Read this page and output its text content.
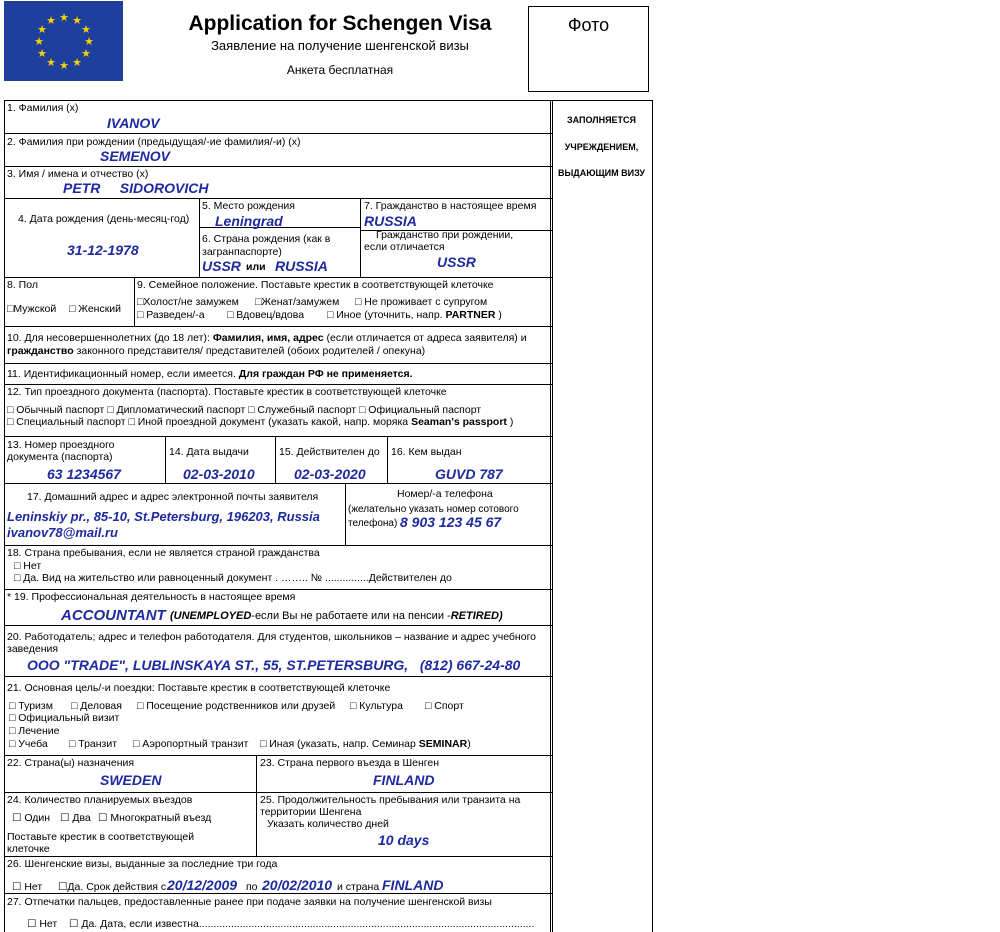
★ ★
★
★
★
★
★
★
★
★
★
★	Application for Schengen Visa
Заявление на получение шенгенской визы
Анкета бесплатная
Фото
ЗАПОЛНЯЕТСЯ
УЧРЕЖДЕНИЕМ,
ВЫДАЮЩИМ ВИЗУ
1. Фамилия (x)
IVANOV
2. Фамилия при рождении (предыдущая/-ие фамилия/-и) (x)
SEMENOV
3. Имя / имена и отчество (x)
PETR     SIDOROVICH
4. Дата рождения (день-месяц-год)
31-12-1978
5. Место рождения
Leningrad
6. Страна рождения (как в
загранпаспорте)
USSR или RUSSIA
7. Гражданство в настоящее время
RUSSIA
Гражданство при рождении,
если отличается
USSR
8. Пол
□Мужской □ Женский
9. Семейное положение. Поставьте крестик в соответствующей клеточке
□Холост/не замужем □Женат/замужем □ Не проживает с супругом
□ Разведен/-а □ Вдовец/вдова □ Иное (уточнить, напр. PARTNER )
10. Для несовершеннолетних (до 18 лет): Фамилия, имя, адрес (если отличается от адреса заявителя) и
гражданство законного представителя/ представителей (обоих родителей / опекуна)
11. Идентификационный номер, если имеется. Для граждан РФ не применяется.
12. Тип проездного документа (паспорта). Поставьте крестик в соответствующей клеточке
□ Обычный паспорт □ Дипломатический паспорт □ Служебный паспорт □ Официальный паспорт
□ Специальный паспорт □ Иной проездной документ (указать какой, напр. моряка Seaman's passport )
13. Номер проездного
документа (паспорта)
63 1234567
14. Дата выдачи
02-03-2010
15. Действителен до
02-03-2020
16. Кем выдан
GUVD 787
17. Домашний адрес и адрес электронной почты заявителя
Leninskiy pr., 85-10, St.Petersburg, 196203, Russia
ivanov78@mail.ru
Номер/-а телефона
(желательно указать номер сотового
телефона) 8 903 123 45 67
18. Страна пребывания, если не является страной гражданства
□ Нет
□ Да. Вид на жительство или равноценный документ . …….. № ...............Действителен до
* 19. Профессиональная деятельность в настоящее время
ACCOUNTANT (UNEMPLOYED-если Вы не работаете или на пенсии -RETIRED)
20. Работодатель; адрес и телефон работодателя. Для студентов, школьников – название и адрес учебного
заведения
OOO "TRADE", LUBLINSKAYA ST., 55, ST.PETERSBURG,   (812) 667-24-80
21. Основная цель/-и поездки: Поставьте крестик в соответствующей клеточке
□ Туризм □ Деловая □ Посещение родственников или друзей □ Культура □ Спорт
□ Официальный визит
□ Лечение
□ Учеба □ Транзит □ Аэропортный транзит □ Иная (указать, напр. Семинар SEMINAR)
22. Страна(ы) назначения
SWEDEN
23. Страна первого въезда в Шенген
FINLAND
24. Количество планируемых въездов
☐ Один ☐ Два ☐ Многократный въезд
Поставьте крестик в соответствующей
клеточке
25. Продолжительность пребывания или транзита на
территории Шенгена
Указать количество дней
10 days
26. Шенгенские визы, выданные за последние три года
☐ Нет ☐Да. Срок действия с 20/12/2009 по 20/02/2010 и страна FINLAND
27. Отпечатки пальцев, предоставленные ранее при подаче заявки на получение шенгенской визы
☐ Нет ☐ Да. Дата, если известна...................................................................................................................
